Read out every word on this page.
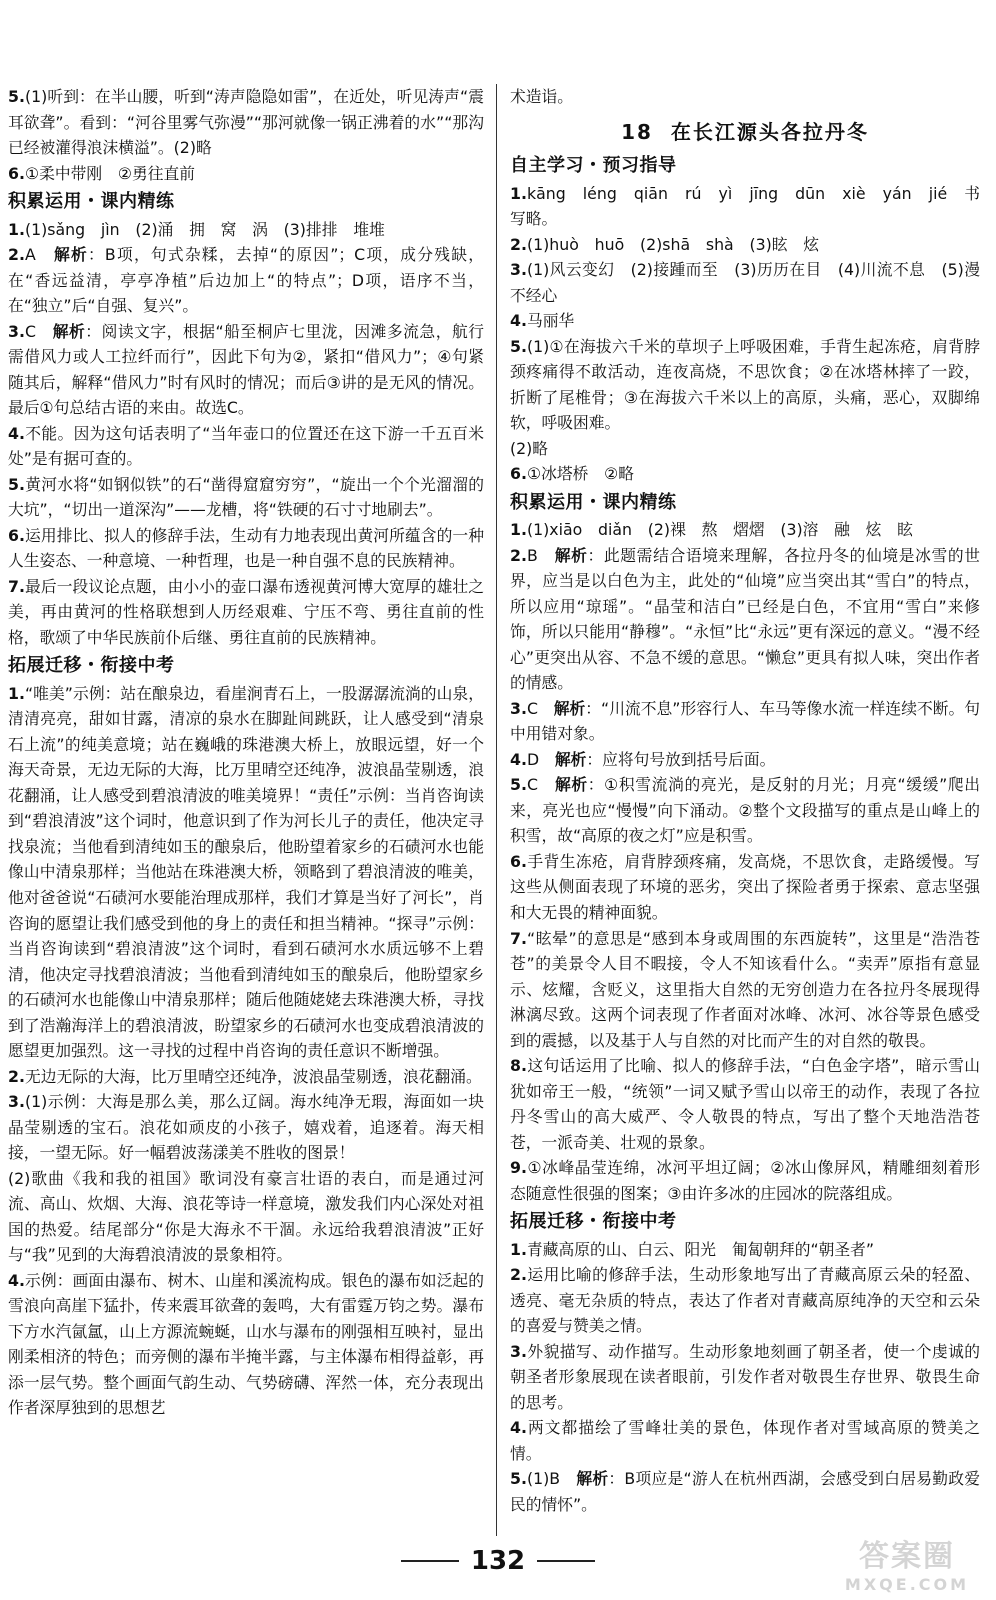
5.(1)听到：在半山腰，听到“涛声隐隐如雷”，在近处，听见涛声“震耳欲聋”。看到：“河谷里雾气弥漫”“那河就像一锅正沸着的水”“那沟已经被灌得浪沫横溢”。(2)略

6.①柔中带刚　②勇往直前

积累运用・课内精练

1.(1)sǎng　jìn　(2)涌　拥　窝　涡　(3)排排　堆堆

2.A　解析：B项，句式杂糅，去掉“的原因”；C项，成分残缺，在“香远益清，亭亭净植”后边加上“的特点”；D项，语序不当，在“独立”后“自强、复兴”。

3.C　解析：阅读文字，根据“船至桐庐七里泷，因滩多流急，航行需借风力或人工拉纤而行”，因此下句为②，紧扣“借风力”；④句紧随其后，解释“借风力”时有风时的情况；而后③讲的是无风的情况。最后①句总结古语的来由。故选C。

4.不能。因为这句话表明了“当年壶口的位置还在这下游一千五百米处”是有据可查的。

5.黄河水将“如钢似铁”的石“凿得窟窟穷穷”，“旋出一个个光溜溜的大坑”，“切出一道深沟”——龙槽，将“铁硬的石寸寸地刷去”。

6.运用排比、拟人的修辞手法，生动有力地表现出黄河所蕴含的一种人生姿态、一种意境、一种哲理，也是一种自强不息的民族精神。

7.最后一段议论点题，由小小的壶口瀑布透视黄河博大宽厚的雄壮之美，再由黄河的性格联想到人历经艰难、宁压不弯、勇往直前的性格，歌颂了中华民族前仆后继、勇往直前的民族精神。

拓展迁移・衔接中考

1.“唯美”示例：站在酿泉边，看崖涧青石上，一股潺潺流淌的山泉，清清亮亮，甜如甘露，清凉的泉水在脚趾间跳跃，让人感受到“清泉石上流”的纯美意境；站在巍峨的珠港澳大桥上，放眼远望，好一个海天奇景，无边无际的大海，比万里晴空还纯净，波浪晶莹剔透，浪花翻涌，让人感受到碧浪清波的唯美境界！“责任”示例：当肖咨询读到“碧浪清波”这个词时，他意识到了作为河长儿子的责任，他决定寻找泉流；当他看到清纯如玉的酿泉后，他盼望着家乡的石碛河水也能像山中清泉那样；当他站在珠港澳大桥，领略到了碧浪清波的唯美，他对爸爸说“石碛河水要能治理成那样，我们才算是当好了河长”，肖咨询的愿望让我们感受到他的身上的责任和担当精神。“探寻”示例：当肖咨询读到“碧浪清波”这个词时，看到石碛河水水质远够不上碧清，他决定寻找碧浪清波；当他看到清纯如玉的酿泉后，他盼望家乡的石碛河水也能像山中清泉那样；随后他随姥姥去珠港澳大桥，寻找到了浩瀚海洋上的碧浪清波，盼望家乡的石碛河水也变成碧浪清波的愿望更加强烈。这一寻找的过程中肖咨询的责任意识不断增强。

2.无边无际的大海，比万里晴空还纯净，波浪晶莹剔透，浪花翻涌。

3.(1)示例：大海是那么美，那么辽阔。海水纯净无瑕，海面如一块晶莹剔透的宝石。浪花如顽皮的小孩子，嬉戏着，追逐着。海天相接，一望无际。好一幅碧波荡漾美不胜收的图景！

(2)歌曲《我和我的祖国》歌词没有豪言壮语的表白，而是通过河流、高山、炊烟、大海、浪花等诗一样意境，激发我们内心深处对祖国的热爱。结尾部分“你是大海永不干涸。永远给我碧浪清波”正好与“我”见到的大海碧浪清波的景象相符。

4.示例：画面由瀑布、树木、山崖和溪流构成。银色的瀑布如泛起的雪浪向高崖下猛扑，传来震耳欲聋的轰鸣，大有雷霆万钧之势。瀑布下方水汽氤氲，山上方源流蜿蜒，山水与瀑布的刚强相互映衬，显出刚柔相济的特色；而旁侧的瀑布半掩半露，与主体瀑布相得益彰，再添一层气势。整个画面气韵生动、气势磅礴、浑然一体，充分表现出作者深厚独到的思想艺

术造诣。

18 在长江源头各拉丹冬
自主学习・预习指导

1.kāng　léng　qiān　rú　yì　jīng　dūn　xiè　yán　jié　书写略。

2.(1)huò　huō　(2)shā　shà　(3)眩　炫

3.(1)风云变幻　(2)接踵而至　(3)历历在目　(4)川流不息　(5)漫不经心

4.马丽华

5.(1)①在海拔六千米的草坝子上呼吸困难，手背生起冻疮，肩背脖颈疼痛得不敢活动，连夜高烧，不思饮食；②在冰塔林摔了一跤，折断了尾椎骨；③在海拔六千米以上的高原，头痛，恶心，双脚绵软，呼吸困难。

(2)略

6.①冰塔桥　②略

积累运用・课内精练

1.(1)xiāo　diǎn　(2)裸　熬　熠熠　(3)溶　融　炫　眩

2.B　解析：此题需结合语境来理解，各拉丹冬的仙境是冰雪的世界，应当是以白色为主，此处的“仙境”应当突出其“雪白”的特点，所以应用“琼瑶”。“晶莹和洁白”已经是白色，不宜用“雪白”来修饰，所以只能用“静穆”。“永恒”比“永远”更有深远的意义。“漫不经心”更突出从容、不急不缓的意思。“懒怠”更具有拟人味，突出作者的情感。

3.C　解析：“川流不息”形容行人、车马等像水流一样连续不断。句中用错对象。

4.D　解析：应将句号放到括号后面。

5.C　解析：①积雪流淌的亮光，是反射的月光；月亮“缓缓”爬出来，亮光也应“慢慢”向下涌动。②整个文段描写的重点是山峰上的积雪，故“高原的夜之灯”应是积雪。

6.手背生冻疮，肩背脖颈疼痛，发高烧，不思饮食，走路缓慢。写这些从侧面表现了环境的恶劣，突出了探险者勇于探索、意志坚强和大无畏的精神面貌。

7.“眩晕”的意思是“感到本身或周围的东西旋转”，这里是“浩浩苍苍”的美景令人目不暇接，令人不知该看什么。“卖弄”原指有意显示、炫耀，含贬义，这里指大自然的无穷创造力在各拉丹冬展现得淋漓尽致。这两个词表现了作者面对冰峰、冰河、冰谷等景色感受到的震撼，以及基于人与自然的对比而产生的对自然的敬畏。

8.这句话运用了比喻、拟人的修辞手法，“白色金字塔”，暗示雪山犹如帝王一般，“统领”一词又赋予雪山以帝王的动作，表现了各拉丹冬雪山的高大威严、令人敬畏的特点，写出了整个天地浩浩苍苍，一派奇美、壮观的景象。

9.①冰峰晶莹连绵，冰河平坦辽阔；②冰山像屏风，精雕细刻着形态随意性很强的图案；③由许多冰的庄园冰的院落组成。

拓展迁移・衔接中考

1.青藏高原的山、白云、阳光　匍匐朝拜的“朝圣者”

2.运用比喻的修辞手法，生动形象地写出了青藏高原云朵的轻盈、透亮、毫无杂质的特点，表达了作者对青藏高原纯净的天空和云朵的喜爱与赞美之情。

3.外貌描写、动作描写。生动形象地刻画了朝圣者，使一个虔诚的朝圣者形象展现在读者眼前，引发作者对敬畏生存世界、敬畏生命的思考。

4.两文都描绘了雪峰壮美的景色，体现作者对雪域高原的赞美之情。

5.(1)B　解析：B项应是“游人在杭州西湖，会感受到白居易勤政爱民的情怀”。

132	答案圈
MXQE.COM
